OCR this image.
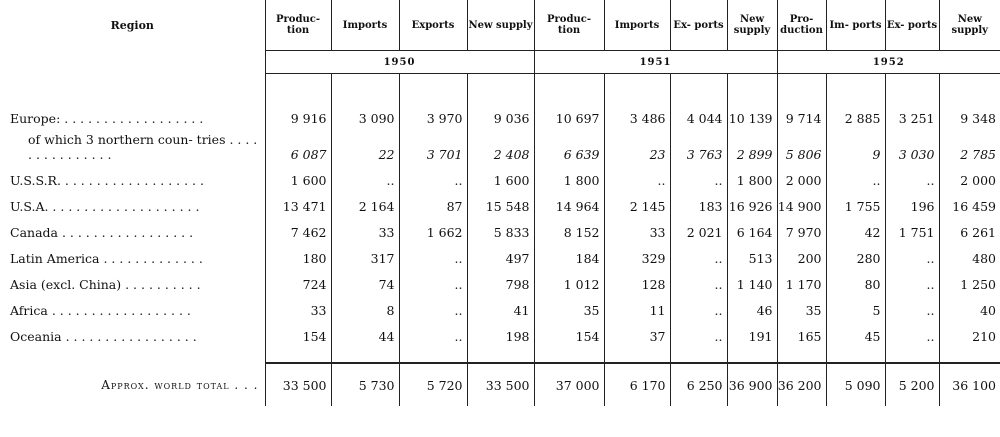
Region	Produc- tion	Imports	Exports	New supply	Produc- tion	Imports	Ex- ports	New supply	Pro- duction	Im- ports	Ex- ports	New supply
	1950				1951				1952			

Europe: . . . . . . . . . . . . . . . . . .	9 916	3 090	3 970	9 036	10 697	3 486	4 044	10 139	9 714	2 885	3 251	9 348
of which 3 northern coun- tries . . . . . . . . . . . . . . .	6 087	22	3 701	2 408	6 639	23	3 763	2 899	5 806	9	3 030	2 785
U.S.S.R. . . . . . . . . . . . . . . . . . .	1 600	..	..	1 600	1 800	..	..	1 800	2 000	..	..	2 000
U.S.A. . . . . . . . . . . . . . . . . . . .	13 471	2 164	87	15 548	14 964	2 145	183	16 926	14 900	1 755	196	16 459
Canada . . . . . . . . . . . . . . . . .	7 462	33	1 662	5 833	8 152	33	2 021	6 164	7 970	42	1 751	6 261
Latin America . . . . . . . . . . . . .	180	317	..	497	184	329	..	513	200	280	..	480
Asia (excl. China) . . . . . . . . . .	724	74	..	798	1 012	128	..	1 140	1 170	80	..	1 250
Africa . . . . . . . . . . . . . . . . . .	33	8	..	41	35	11	..	46	35	5	..	40
Oceania . . . . . . . . . . . . . . . . .	154	44	..	198	154	37	..	191	165	45	..	210

Approx. world total . . .	33 500	5 730	5 720	33 500	37 000	6 170	6 250	36 900	36 200	5 090	5 200	36 100
